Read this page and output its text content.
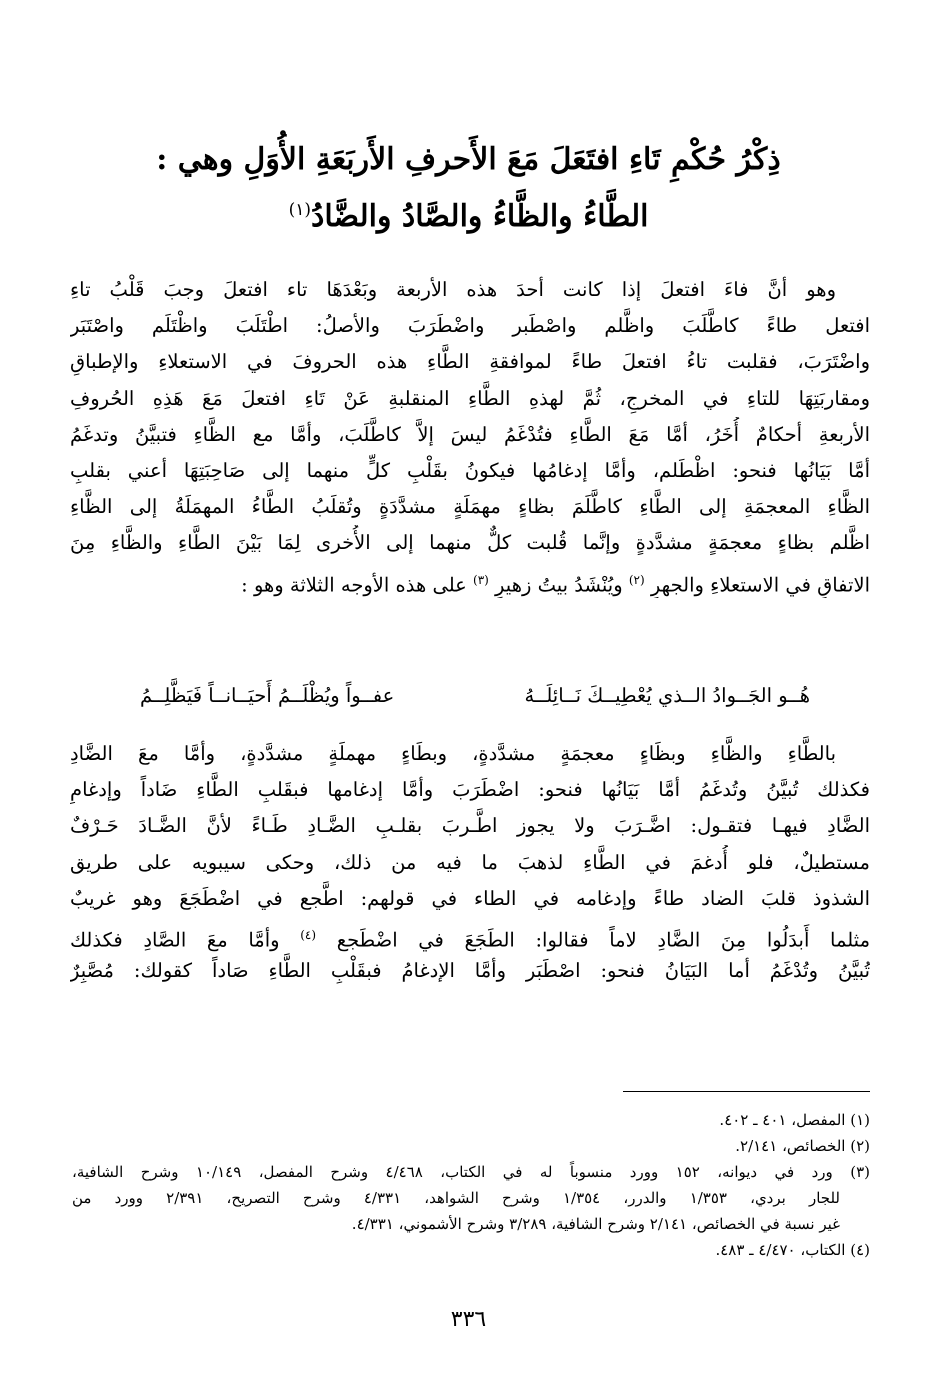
ذِكْرُ حُكْمِ تَاءِ افتَعَلَ مَعَ الأَحرفِ الأَربَعَةِ الأُوَلِ وهي :
الطَّاءُ والظَّاءُ والصَّادُ والضَّادُ$^{(١)}$
وهو أنَّ فاءَ افتعلَ إذا كانت أحدَ هذه الأربعة وبَعْدَهَا تاء افتعلَ وجبَ قَلْبُ تاءِ
افتعل طاءً كاطَّلَبَ واظَّلم واصْطَبر واضْطَرَبَ والأصلُ: اطْتَلَبَ واظْتَلَم واصْتَبَر
واضْتَرَبَ، فقلبت تاءُ افتعلَ طاءً لموافقةِ الطَّاءِ هذه الحروفَ في الاستعلاءِ والإطباقِ
ومقاربَتِهَا للتاءِ في المخرجِ، ثُمَّ لهذهِ الطَّاءِ المنقلبةِ عَنْ تَاءِ افتعلَ مَعَ هَذِهِ الحُروفِ
الأربعةِ أحكامٌ أُخَرُ، أمَّا مَعَ الطَّاءِ فتُدْغَمُ ليسَ إلاَّ كاطَّلَبَ، وأمَّا مع الظَّاءِ فتبيَّنُ وتدغَمُ
أمَّا بَيَانُها فنحو: اظْطَلم، وأمَّا إدغامُها فيكونُ بقَلْبِ كلٍّ منهما إلى صَاحِبَتِهَا أعني بقلبِ
الظَّاءِ المعجمَةِ إلى الطَّاءِ كاطَّلَمَ بظاءٍ مهمَلَةٍ مشدَّدَةٍ وتُقلَبُ الطَّاءُ المهمَلَةُ إلى الظَّاءِ
اظَّلم بظاءٍ معجمَةٍ مشدَّدةٍ وإنَّما قُلبت كلٌّ منهما إلى الأُخرى لِمَا بَيْنَ الطَّاءِ والظَّاءِ مِنَ
الاتفاقِ في الاستعلاءِ والجهرِ $^{(٢)}$ ويُنْشَدُ بيتُ زهيرٍ $^{(٣)}$ على هذه الأوجه الثلاثة وهو :
هُــو الجَــوادُ الــذي يُعْطِيــكَ نَــائِلَــهُ
عفــواً ويُظْلَــمُ أَحيَــانــاً فَيَظَّلِــمُ
بالطَّاءِ والظَّاءِ وبظَاءٍ معجمَةٍ مشدَّدةٍ، وبطَاءٍ مهملَةٍ مشدَّدةٍ، وأمَّا معَ الضَّادِ
فكذلك تُبيَّنُ وتُدغَمُ أمَّا بَيَانُها فنحو: اضْطَرَبَ وأمَّا إدغامها فبقَلبِ الطَّاءِ ضَاداً وإدغامِ
الضَّادِ فيهـا فتقـول: اضَّـرَبَ ولا يجوز اطَّـربَ بقلـبِ الضَّـادِ طَـاءً لأنَّ الضَّـادَ حَـرْفٌ
مستطيلٌ، فلو أُدغمَ في الطَّاءِ لذهبَ ما فيه من ذلك، وحكى سيبويه على طريق
الشذوذ قلبَ الضاد طاءً وإدغامه في الطاء في قولهم: اطَّجع في اضْطَجَعَ وهو غريبٌ
مثلما أَبدَلُوا مِنَ الضَّادِ لاماً فقالوا: الطَجَعَ في اضْطَجع $^{(٤)}$ وأمَّا معَ الصَّادِ فكذلك
تُبيَّنُ وتُدْغَمُ أما البَيَانُ فنحو: اصْطَبَر وأمَّا الإدغامُ فبقَلْبِ الطَّاءِ صَاداً كقولك: مُصَّبِرٌ
(١) المفصل، ٤٠١ ـ ٤٠٢.
(٢) الخصائص، ٢/١٤١.
(٣) ورد في ديوانه، ١٥٢ وورد منسوباً له في الكتاب، ٤/٤٦٨ وشرح المفصل، ١٠/١٤٩ وشرح الشافية،
للجار بردي، ١/٣٥٣ والدرر، ١/٣٥٤ وشرح الشواهد، ٤/٣٣١ وشرح التصريح، ٢/٣٩١ وورد من
غير نسبة في الخصائص، ٢/١٤١ وشرح الشافية، ٣/٢٨٩ وشرح الأشموني، ٤/٣٣١.
(٤) الكتاب، ٤/٤٧٠ ـ ٤٨٣.
٣٣٦
